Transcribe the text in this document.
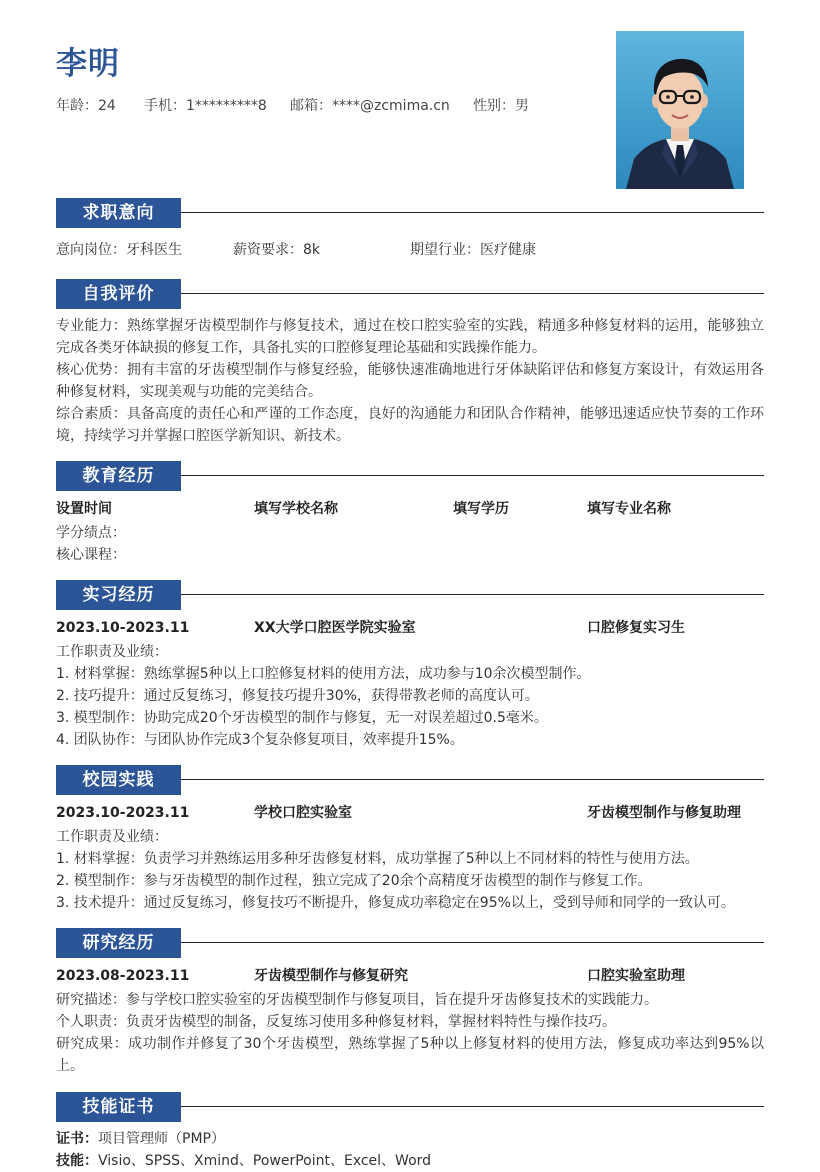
李明
年龄：24 手机：1*********8 邮箱：****@zcmima.cn 性别：男
求职意向
意向岗位：牙科医生	薪资要求：8k	期望行业：医疗健康
自我评价
专业能力：熟练掌握牙齿模型制作与修复技术，通过在校口腔实验室的实践，精通多种修复材料的运用，能够独立完成各类牙体缺损的修复工作，具备扎实的口腔修复理论基础和实践操作能力。
核心优势：拥有丰富的牙齿模型制作与修复经验，能够快速准确地进行牙体缺陷评估和修复方案设计，有效运用各种修复材料，实现美观与功能的完美结合。
综合素质：具备高度的责任心和严谨的工作态度，良好的沟通能力和团队合作精神，能够迅速适应快节奏的工作环境，持续学习并掌握口腔医学新知识、新技术。
教育经历
设置时间	填写学校名称	填写学历	填写专业名称
学分绩点：
核心课程：
实习经历
2023.10-2023.11	XX大学口腔医学院实验室	口腔修复实习生
工作职责及业绩：
1. 材料掌握：熟练掌握5种以上口腔修复材料的使用方法，成功参与10余次模型制作。
2. 技巧提升：通过反复练习，修复技巧提升30%，获得带教老师的高度认可。
3. 模型制作：协助完成20个牙齿模型的制作与修复，无一对误差超过0.5毫米。
4. 团队协作：与团队协作完成3个复杂修复项目，效率提升15%。
校园实践
2023.10-2023.11	学校口腔实验室	牙齿模型制作与修复助理
工作职责及业绩：
1. 材料掌握：负责学习并熟练运用多种牙齿修复材料，成功掌握了5种以上不同材料的特性与使用方法。
2. 模型制作：参与牙齿模型的制作过程，独立完成了20余个高精度牙齿模型的制作与修复工作。
3. 技术提升：通过反复练习，修复技巧不断提升，修复成功率稳定在95%以上，受到导师和同学的一致认可。
研究经历
2023.08-2023.11	牙齿模型制作与修复研究	口腔实验室助理
研究描述：参与学校口腔实验室的牙齿模型制作与修复项目，旨在提升牙齿修复技术的实践能力。
个人职责：负责牙齿模型的制备，反复练习使用多种修复材料，掌握材料特性与操作技巧。
研究成果：成功制作并修复了30个牙齿模型，熟练掌握了5种以上修复材料的使用方法，修复成功率达到95%以上。
技能证书
证书：项目管理师（PMP）
技能：Visio、SPSS、Xmind、PowerPoint、Excel、Word
